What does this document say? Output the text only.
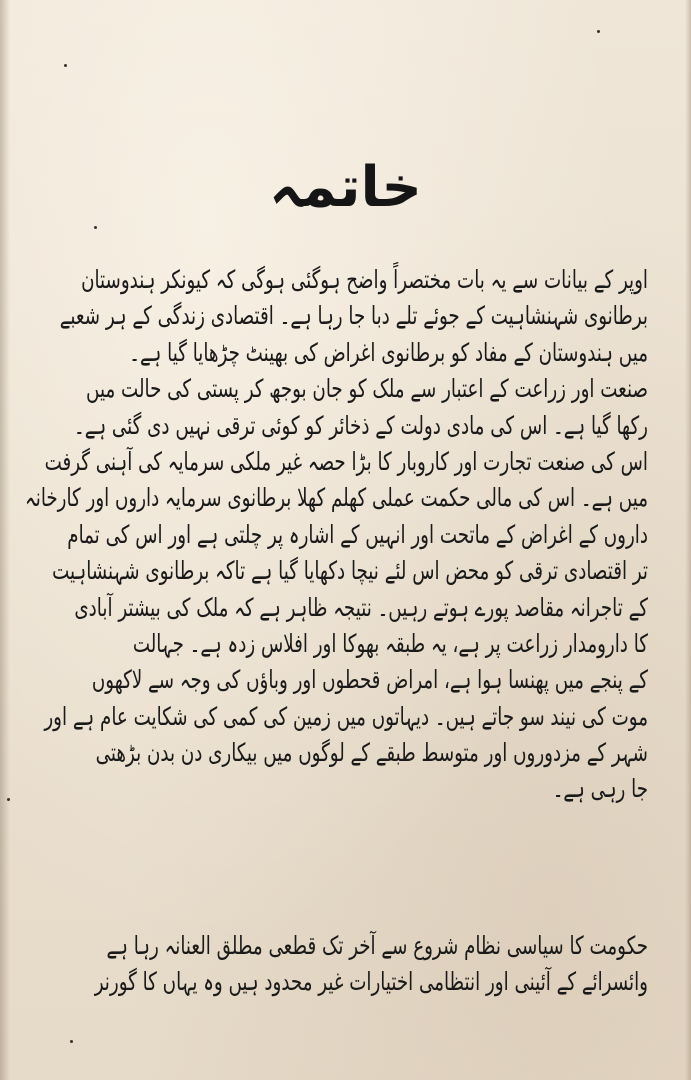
خاتمہ
اوپر کے بیانات سے یہ بات مختصراً واضح ہوگئی ہوگی کہ کیونکر ہندوستان
برطانوی شہنشاہیت کے جوئے تلے دبا جا رہا ہے۔ اقتصادی زندگی کے ہر شعبے
میں ہندوستان کے مفاد کو برطانوی اغراض کی بھینٹ چڑھایا گیا ہے۔
صنعت اور زراعت کے اعتبار سے ملک کو جان بوجھ کر پستی کی حالت میں
رکھا گیا ہے۔ اس کی مادی دولت کے ذخائر کو کوئی ترقی نہیں دی گئی ہے۔
اس کی صنعت تجارت اور کاروبار کا بڑا حصہ غیر ملکی سرمایہ کی آہنی گرفت
میں ہے۔ اس کی مالی حکمت عملی کھلم کھلا برطانوی سرمایہ داروں اور کارخانہ
داروں کے اغراض کے ماتحت اور انہیں کے اشارہ پر چلتی ہے اور اس کی تمام
تر اقتصادی ترقی کو محض اس لئے نیچا دکھایا گیا ہے تاکہ برطانوی شہنشاہیت
کے تاجرانہ مقاصد پورے ہوتے رہیں۔ نتیجہ ظاہر ہے کہ ملک کی بیشتر آبادی
کا دارومدار زراعت پر ہے، یہ طبقہ بھوکا اور افلاس زدہ ہے۔ جہالت
کے پنجے میں پھنسا ہوا ہے، امراض قحطوں اور وباؤں کی وجہ سے لاکھوں
موت کی نیند سو جاتے ہیں۔ دیہاتوں میں زمین کی کمی کی شکایت عام ہے اور
شہر کے مزدوروں اور متوسط طبقے کے لوگوں میں بیکاری دن بدن بڑھتی
جا رہی ہے۔
حکومت کا سیاسی نظام شروع سے آخر تک قطعی مطلق العنانہ رہا ہے
وائسرائے کے آئینی اور انتظامی اختیارات غیر محدود ہیں وہ یہاں کا گورنر
